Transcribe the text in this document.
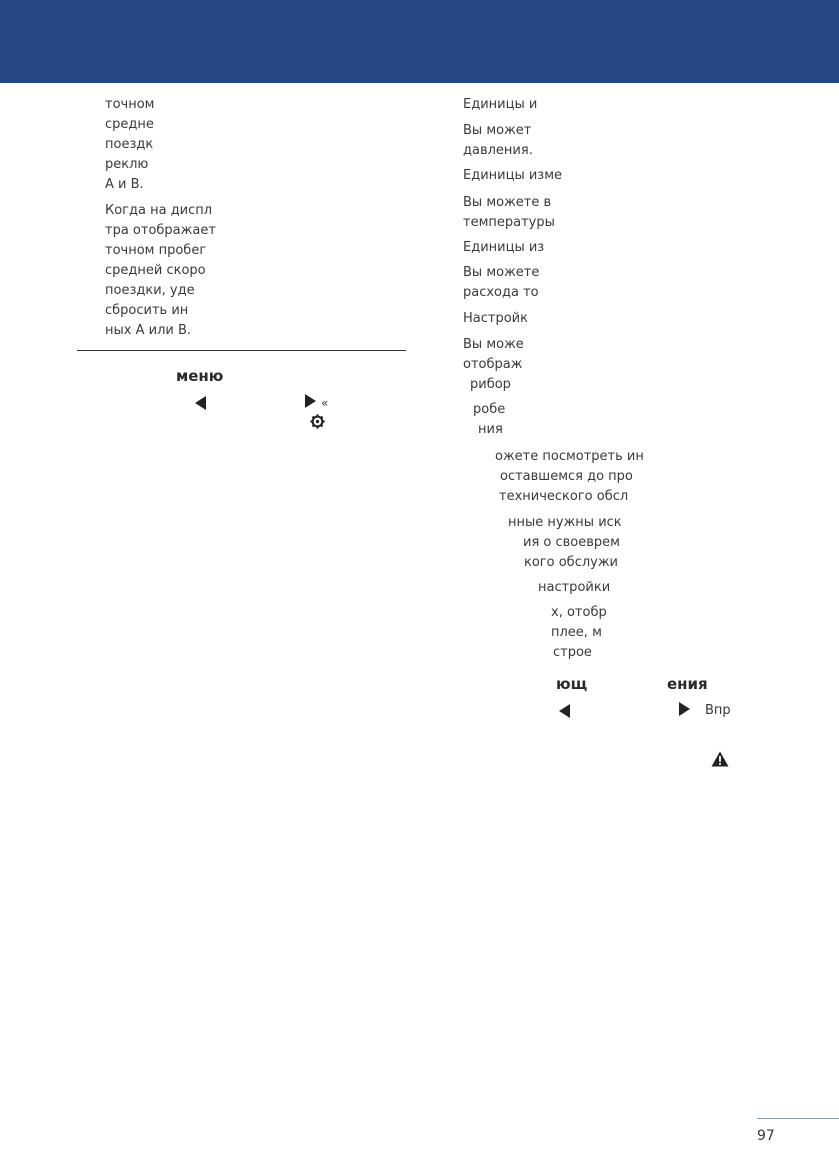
точном
средне
поездк
реклю
А и В.
Когда на диспл
тра отображает
точном пробег
средней скоро
поездки, уде
сбросить ин
ных А или В.
меню
«
Единицы и
Вы может
давления.
Единицы изме
Вы можете в
температуры
Единицы из
Вы можете
расхода то
Настройк
Вы може
отображ
рибор
робе
ния
ожете посмотреть ин
оставшемся до про
технического обсл
нные нужны иск
ия о своеврем
кого обслужи
настройки
х, отобр
плее, м
строе
ющ	ения
Впр
97
